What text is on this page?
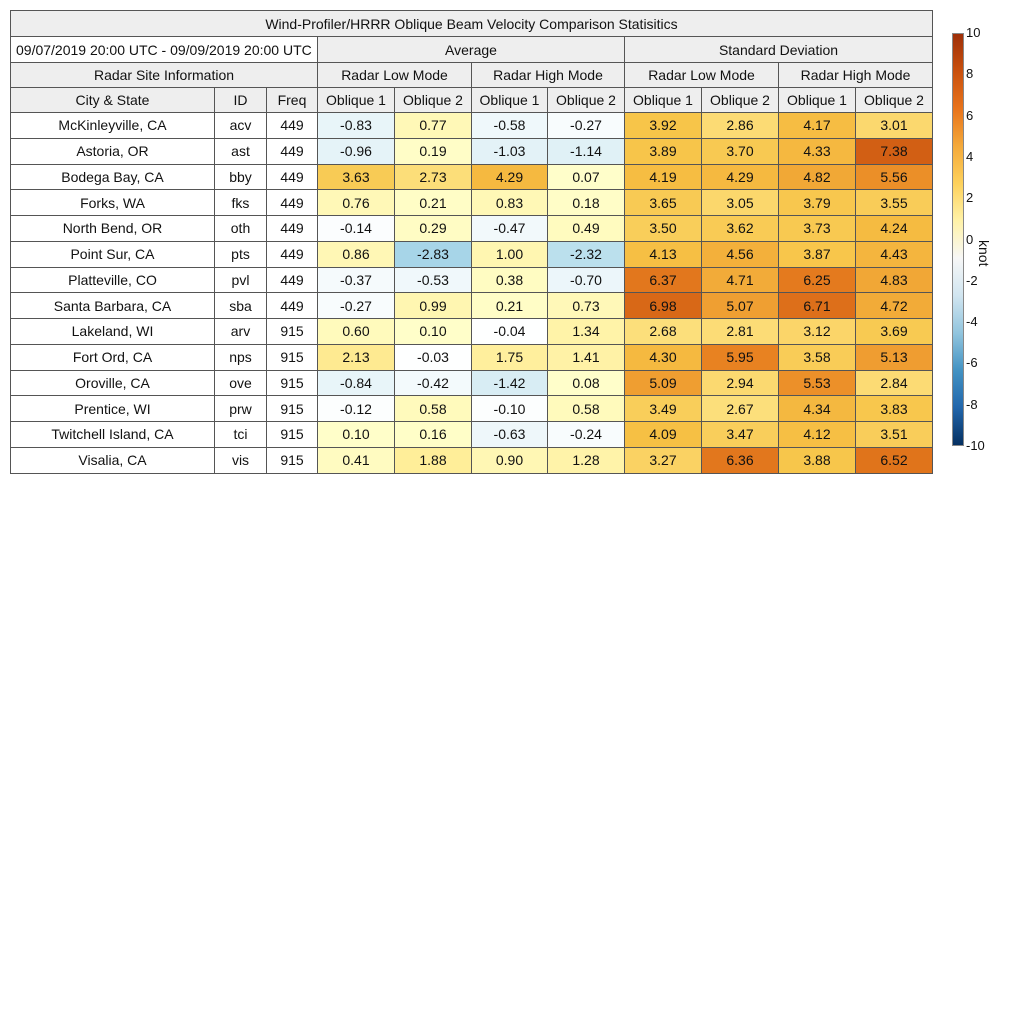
Wind-Profiler/HRRR Oblique Beam Velocity Comparison Statisitics
09/07/2019 20:00 UTC - 09/09/2019 20:00 UTC	Average	Standard Deviation
Radar Site Information	Radar Low Mode	Radar High Mode	Radar Low Mode	Radar High Mode
City & State	ID	Freq	Oblique 1	Oblique 2	Oblique 1	Oblique 2	Oblique 1	Oblique 2	Oblique 1	Oblique 2
McKinleyville, CA	acv	449	-0.83	0.77	-0.58	-0.27	3.92	2.86	4.17	3.01
Astoria, OR	ast	449	-0.96	0.19	-1.03	-1.14	3.89	3.70	4.33	7.38
Bodega Bay, CA	bby	449	3.63	2.73	4.29	0.07	4.19	4.29	4.82	5.56
Forks, WA	fks	449	0.76	0.21	0.83	0.18	3.65	3.05	3.79	3.55
North Bend, OR	oth	449	-0.14	0.29	-0.47	0.49	3.50	3.62	3.73	4.24
Point Sur, CA	pts	449	0.86	-2.83	1.00	-2.32	4.13	4.56	3.87	4.43
Platteville, CO	pvl	449	-0.37	-0.53	0.38	-0.70	6.37	4.71	6.25	4.83
Santa Barbara, CA	sba	449	-0.27	0.99	0.21	0.73	6.98	5.07	6.71	4.72
Lakeland, WI	arv	915	0.60	0.10	-0.04	1.34	2.68	2.81	3.12	3.69
Fort Ord, CA	nps	915	2.13	-0.03	1.75	1.41	4.30	5.95	3.58	5.13
Oroville, CA	ove	915	-0.84	-0.42	-1.42	0.08	5.09	2.94	5.53	2.84
Prentice, WI	prw	915	-0.12	0.58	-0.10	0.58	3.49	2.67	4.34	3.83
Twitchell Island, CA	tci	915	0.10	0.16	-0.63	-0.24	4.09	3.47	4.12	3.51
Visalia, CA	vis	915	0.41	1.88	0.90	1.28	3.27	6.36	3.88	6.52
10
8
6
4
2
0
-2
-4
-6
-8
-10
knot
